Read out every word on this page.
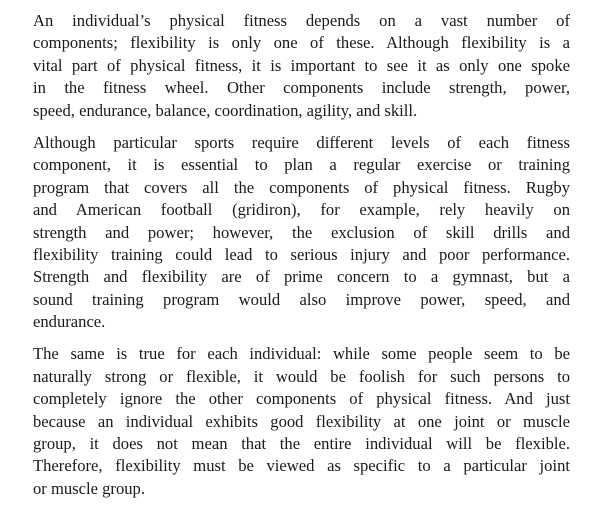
An individual’s physical fitness depends on a vast number of
components; flexibility is only one of these. Although flexibility is a
vital part of physical fitness, it is important to see it as only one spoke
in the fitness wheel. Other components include strength, power,
speed, endurance, balance, coordination, agility, and skill.

Although particular sports require different levels of each fitness
component, it is essential to plan a regular exercise or training
program that covers all the components of physical fitness. Rugby
and American football (gridiron), for example, rely heavily on
strength and power; however, the exclusion of skill drills and
flexibility training could lead to serious injury and poor performance.
Strength and flexibility are of prime concern to a gymnast, but a
sound training program would also improve power, speed, and
endurance.

The same is true for each individual: while some people seem to be
naturally strong or flexible, it would be foolish for such persons to
completely ignore the other components of physical fitness. And just
because an individual exhibits good flexibility at one joint or muscle
group, it does not mean that the entire individual will be flexible.
Therefore, flexibility must be viewed as specific to a particular joint
or muscle group.
